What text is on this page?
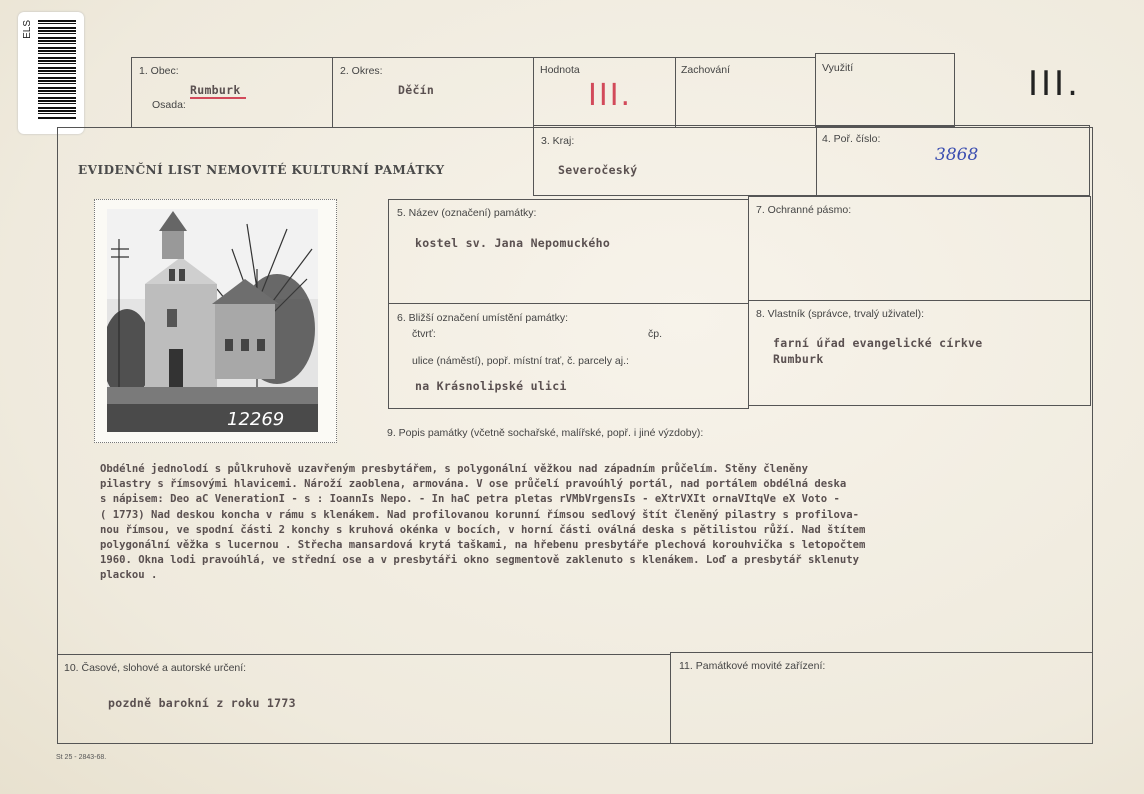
ELS
1. Obec:
Rumburk
Osada:
2. Okres:
Děčín
Hodnota
III.
Zachování	Využití	III.
EVIDENČNÍ LIST NEMOVITÉ KULTURNÍ PAMÁTKY
3. Kraj:
Severočeský
4. Poř. číslo:
3868
12269
5. Název (označení) památky:
kostel sv. Jana Nepomuckého
7. Ochranné pásmo:
6. Bližší označení umístění památky:
čtvrť:	čp.
ulice (náměstí), popř. místní trať, č. parcely aj.:
na Krásnolipské ulici
8. Vlastník (správce, trvalý uživatel):
farní úřad evangelické církve
Rumburk
9. Popis památky (včetně sochařské, malířské, popř. i jiné výzdoby):
Obdélné jednolodí s půlkruhově uzavřeným presbytářem, s polygonální věžkou nad západním průčelím. Stěny členěny
pilastry s římsovými hlavicemi. Nároží zaoblena, armována. V ose průčelí pravoúhlý portál, nad portálem obdélná deska
s nápisem: Deo aC VenerationI - s : IoannIs Nepo. - In haC petra pletas rVMbVrgensIs - eXtrVXIt ornaVItqVe eX Voto -
( 1773) Nad deskou koncha v rámu s klenákem. Nad profilovanou korunní římsou sedlový štít členěný pilastry s profilova-
nou římsou, ve spodní části 2 konchy s kruhová okénka v bocích, v horní části oválná deska s pětilistou růží. Nad štítem
polygonální věžka s lucernou . Střecha mansardová krytá taškami, na hřebenu presbytáře plechová korouhvička s letopočtem
1960. Okna lodi pravoúhlá, ve střední ose a v presbytáři okno segmentově zaklenuto s klenákem. Loď a presbytář sklenuty
plackou .
10. Časové, slohové a autorské určení:
pozdně barokní z roku 1773
11. Památkové movité zařízení:
St 25 - 2843-68.
